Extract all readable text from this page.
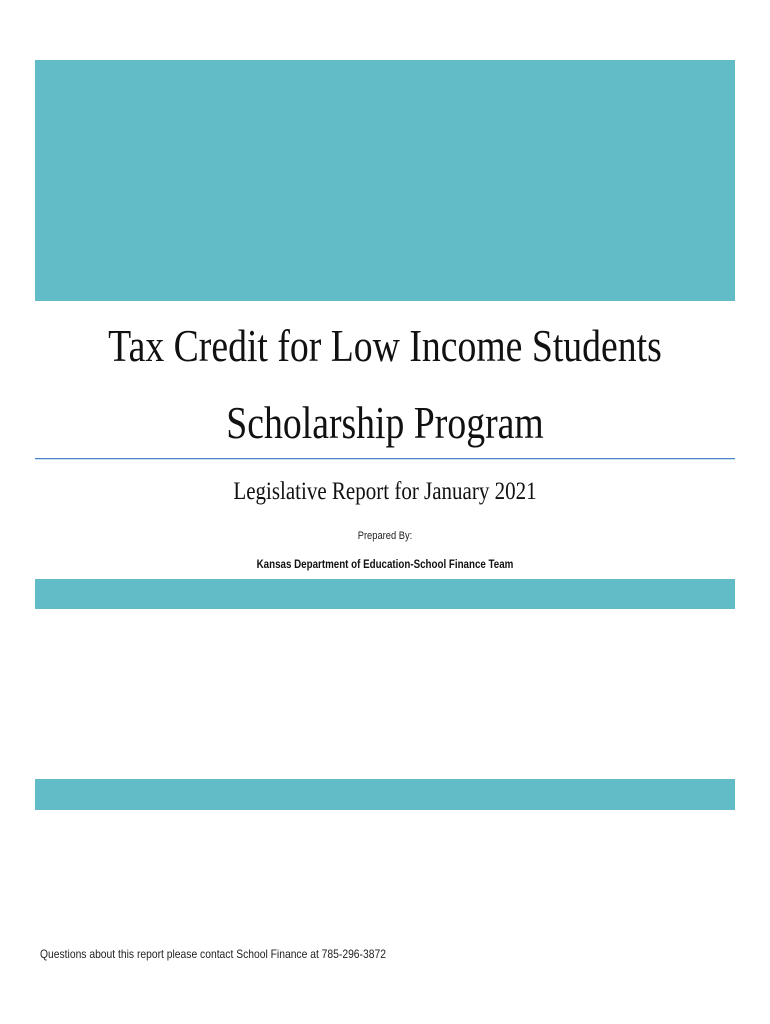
Tax Credit for Low Income Students
Scholarship Program
Legislative Report for January 2021
Prepared By:
Kansas Department of Education-School Finance Team
Questions about this report please contact School Finance at 785-296-3872
